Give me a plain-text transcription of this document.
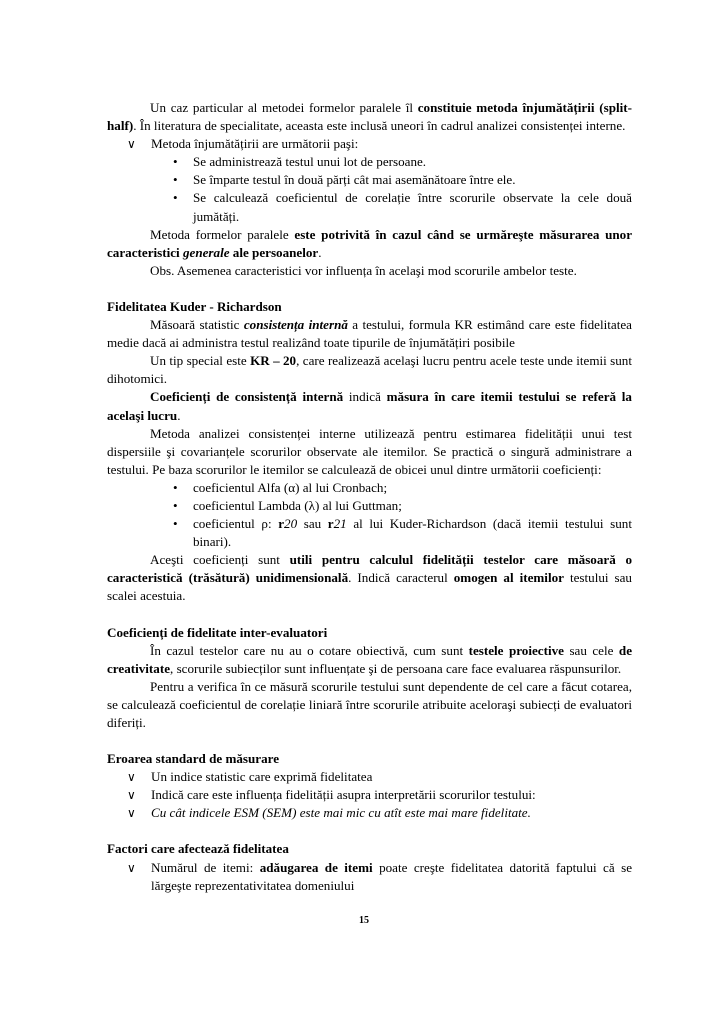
Un caz particular al metodei formelor paralele îl constituie metoda înjumătățirii (split-half). În literatura de specialitate, aceasta este inclusă uneori în cadrul analizei consistenței interne.

∨ Metoda înjumătățirii are următorii paşi:
• Se administrează testul unui lot de persoane.
• Se împarte testul în două părți cât mai asemănătoare între ele.
• Se calculează coeficientul de corelație între scorurile observate la cele două jumătăți.

Metoda formelor paralele este potrivită în cazul când se urmăreşte măsurarea unor caracteristici generale ale persoanelor.

Obs. Asemenea caracteristici vor influența în acelaşi mod scorurile ambelor teste.

Fidelitatea Kuder - Richardson

Măsoară statistic consistența internă a testului, formula KR estimând care este fidelitatea medie dacă ai administra testul realizând toate tipurile de înjumătățiri posibile

Un tip special este KR – 20, care realizează acelaşi lucru pentru acele teste unde itemii sunt dihotomici.

Coeficienți de consistență internă indică măsura în care itemii testului se referă la acelaşi lucru.

Metoda analizei consistenței interne utilizează pentru estimarea fidelității unui test dispersiile şi covarianțele scorurilor observate ale itemilor. Se practică o singură administrare a testului. Pe baza scorurilor le itemilor se calculează de obicei unul dintre următorii coeficienți:

• coeficientul Alfa (α) al lui Cronbach;
• coeficientul Lambda (λ) al lui Guttman;
• coeficientul ρ: r20 sau r21 al lui Kuder-Richardson (dacă itemii testului sunt binari).

Aceşti coeficienți sunt utili pentru calculul fidelității testelor care măsoară o caracteristică (trăsătură) unidimensională. Indică caracterul omogen al itemilor testului sau scalei acestuia.

Coeficienți de fidelitate inter-evaluatori

În cazul testelor care nu au o cotare obiectivă, cum sunt testele proiective sau cele de creativitate, scorurile subiecților sunt influențate şi de persoana care face evaluarea răspunsurilor.

Pentru a verifica în ce măsură scorurile testului sunt dependente de cel care a făcut cotarea, se calculează coeficientul de corelație liniară între scorurile atribuite aceloraşi subiecți de evaluatori diferiți.

Eroarea standard de măsurare

∨ Un indice statistic care exprimă fidelitatea
∨ Indică care este influența fidelității asupra interpretării scorurilor testului:
∨ Cu cât indicele ESM (SEM) este mai mic cu atît este mai mare fidelitate.

Factori care afectează fidelitatea

∨ Numărul de itemi: adăugarea de itemi poate creşte fidelitatea datorită faptului că se lărgeşte reprezentativitatea domeniului
15
